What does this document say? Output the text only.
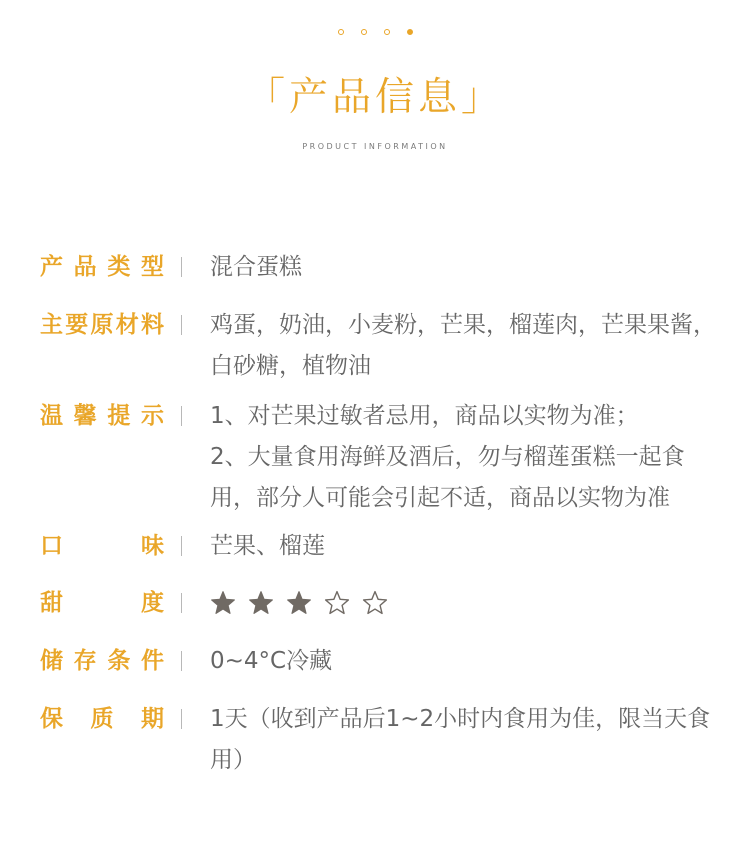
「产品信息」
PRODUCT INFORMATION
产 品 类 型 混合蛋糕

主 要 原 材 料 鸡蛋，奶油，小麦粉，芒果，榴莲肉，芒果果酱，白砂糖，植物油

温 馨 提 示 1、对芒果过敏者忌用，商品以实物为准；

2、大量食用海鲜及酒后，勿与榴莲蛋糕一起食用，部分人可能会引起不适，商品以实物为准

口	味 芒果、榴莲

甜	度
储 存 条 件 0~4°C冷藏

保 质 期 1天（收到产品后1~2小时内食用为佳，限当天食用）
